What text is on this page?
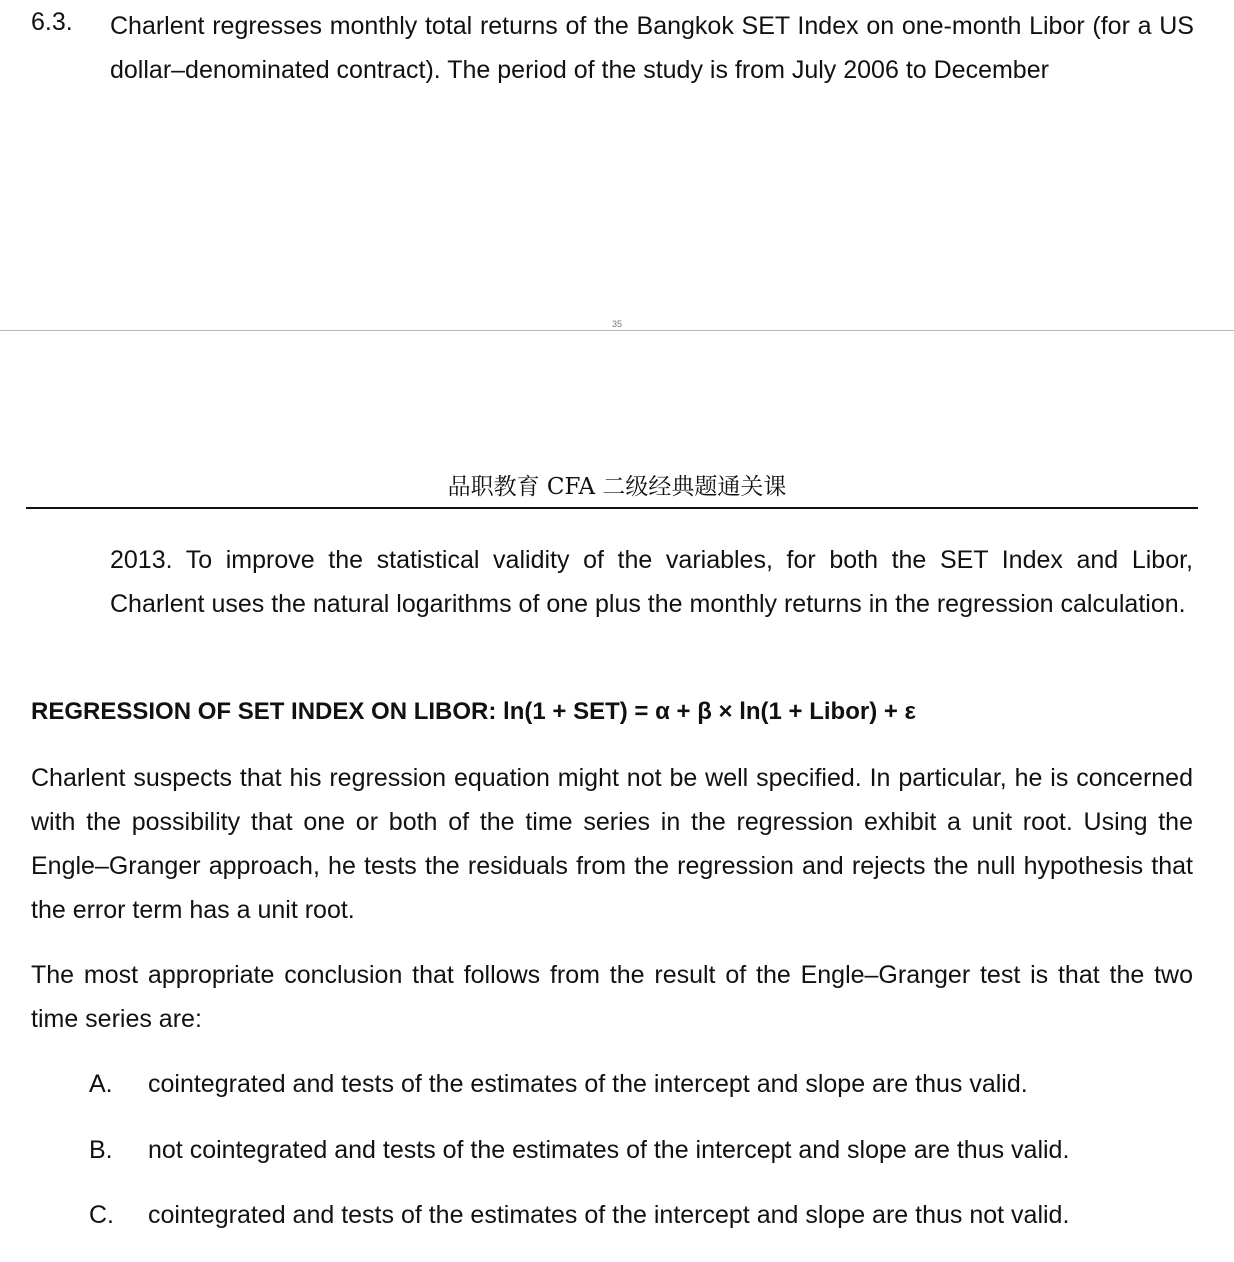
6.3. Charlent regresses monthly total returns of the Bangkok SET Index on one-month Libor (for a US dollar–denominated contract). The period of the study is from July 2006 to December
35
品职教育 CFA 二级经典题通关课
2013. To improve the statistical validity of the variables, for both the SET Index and Libor, Charlent uses the natural logarithms of one plus the monthly returns in the regression calculation.
REGRESSION OF SET INDEX ON LIBOR: ln(1 + SET) = α + β × ln(1 + Libor) + ε
Charlent suspects that his regression equation might not be well specified. In particular, he is concerned with the possibility that one or both of the time series in the regression exhibit a unit root. Using the Engle–Granger approach, he tests the residuals from the regression and rejects the null hypothesis that the error term has a unit root.
The most appropriate conclusion that follows from the result of the Engle–Granger test is that the two time series are:
A. cointegrated and tests of the estimates of the intercept and slope are thus valid.
B. not cointegrated and tests of the estimates of the intercept and slope are thus valid.
C. cointegrated and tests of the estimates of the intercept and slope are thus not valid.
